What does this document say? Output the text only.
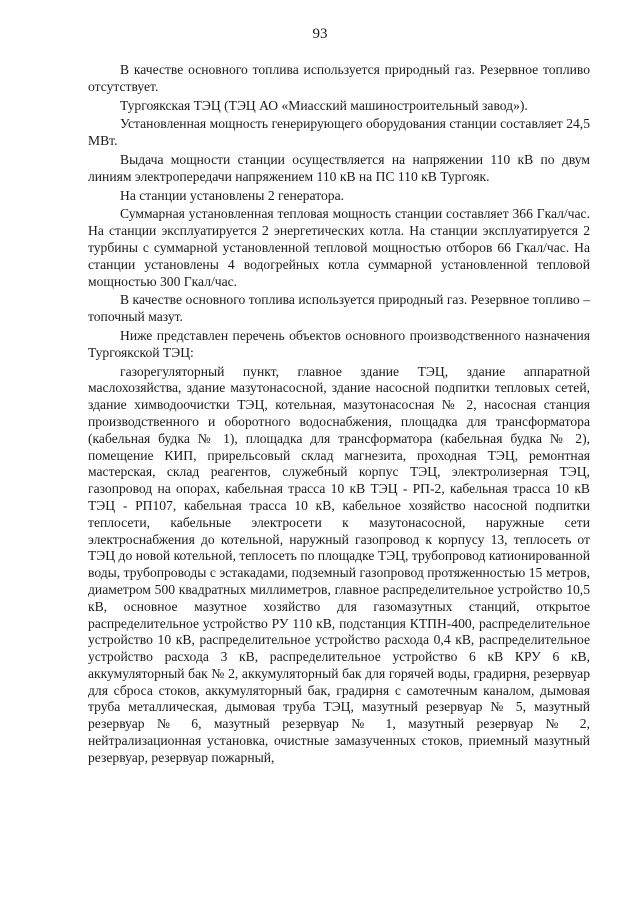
93

В качестве основного топлива используется природный газ. Резервное топливо отсутствует.

Тургоякская ТЭЦ (ТЭЦ АО «Миасский машиностроительный завод»).

Установленная мощность генерирующего оборудования станции составляет 24,5 МВт.

Выдача мощности станции осуществляется на напряжении 110 кВ по двум линиям электропередачи напряжением 110 кВ на ПС 110 кВ Тургояк.

На станции установлены 2 генератора.

Суммарная установленная тепловая мощность станции составляет 366 Гкал/час. На станции эксплуатируется 2 энергетических котла. На станции эксплуатируется 2 турбины с суммарной установленной тепловой мощностью отборов 66 Гкал/час. На станции установлены 4 водогрейных котла суммарной установленной тепловой мощностью 300 Гкал/час.

В качестве основного топлива используется природный газ. Резервное топливо – топочный мазут.

Ниже представлен перечень объектов основного производственного назначения Тургоякской ТЭЦ:

газорегуляторный пункт, главное здание ТЭЦ, здание аппаратной маслохозяйства, здание мазутонасосной, здание насосной подпитки тепловых сетей, здание химводоочистки ТЭЦ, котельная, мазутонасосная № 2, насосная станция производственного и оборотного водоснабжения, площадка для трансформатора (кабельная будка № 1), площадка для трансформатора (кабельная будка № 2), помещение КИП, прирельсовый склад магнезита, проходная ТЭЦ, ремонтная мастерская, склад реагентов, служебный корпус ТЭЦ, электролизерная ТЭЦ, газопровод на опорах, кабельная трасса 10 кВ ТЭЦ - РП-2, кабельная трасса 10 кВ ТЭЦ - РП107, кабельная трасса 10 кВ, кабельное хозяйство насосной подпитки теплосети, кабельные электросети к мазутонасосной, наружные сети электроснабжения до котельной, наружный газопровод к корпусу 13, теплосеть от ТЭЦ до новой котельной, теплосеть по площадке ТЭЦ, трубопровод катионированной воды, трубопроводы с эстакадами, подземный газопровод протяженностью 15 метров, диаметром 500 квадратных миллиметров, главное распределительное устройство 10,5 кВ, основное мазутное хозяйство для газомазутных станций, открытое распределительное устройство РУ 110 кВ, подстанция КТПН-400, распределительное устройство 10 кВ, распределительное устройство расхода 0,4 кВ, распределительное устройство расхода 3 кВ, распределительное устройство 6 кВ КРУ 6 кВ, аккумуляторный бак № 2, аккумуляторный бак для горячей воды, градирня, резервуар для сброса стоков, аккумуляторный бак, градирня с самотечным каналом, дымовая труба металлическая, дымовая труба ТЭЦ, мазутный резервуар № 5, мазутный резервуар № 6, мазутный резервуар № 1, мазутный резервуар № 2, нейтрализационная установка, очистные замазученных стоков, приемный мазутный резервуар, резервуар пожарный,
